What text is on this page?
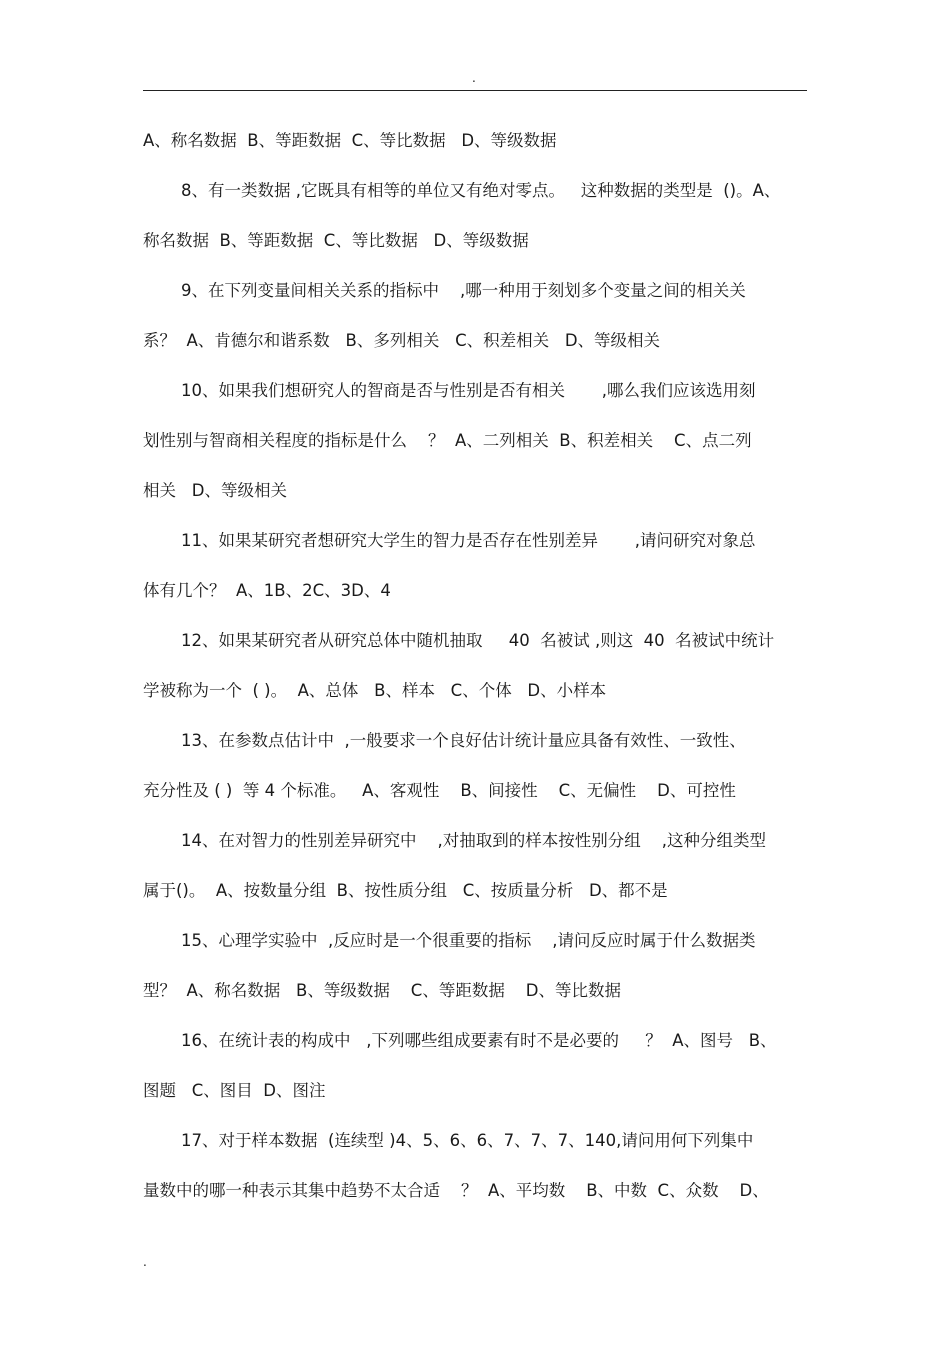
.
A、称名数据  B、等距数据  C、等比数据   D、等级数据
8、有一类数据 ,它既具有相等的单位又有绝对零点。   这种数据的类型是  ()。A、
称名数据  B、等距数据  C、等比数据   D、等级数据
9、在下列变量间相关关系的指标中    ,哪一种用于刻划多个变量之间的相关关
系？  A、肯德尔和谐系数   B、多列相关   C、积差相关   D、等级相关
10、如果我们想研究人的智商是否与性别是否有相关       ,哪么我们应该选用刻
划性别与智商相关程度的指标是什么    ？  A、二列相关  B、积差相关    C、点二列
相关   D、等级相关
11、如果某研究者想研究大学生的智力是否存在性别差异       ,请问研究对象总
体有几个？  A、1B、2C、3D、4
12、如果某研究者从研究总体中随机抽取     40  名被试 ,则这  40  名被试中统计
学被称为一个  ( )。  A、总体   B、样本   C、个体   D、小样本
13、在参数点估计中  ,一般要求一个良好估计统计量应具备有效性、一致性、
充分性及 ( )  等 4 个标准。   A、客观性    B、间接性    C、无偏性    D、可控性
14、在对智力的性别差异研究中    ,对抽取到的样本按性别分组    ,这种分组类型
属于()。  A、按数量分组  B、按性质分组   C、按质量分析   D、都不是
15、心理学实验中  ,反应时是一个很重要的指标    ,请问反应时属于什么数据类
型？  A、称名数据   B、等级数据    C、等距数据    D、等比数据
16、在统计表的构成中   ,下列哪些组成要素有时不是必要的     ？  A、图号   B、
图题   C、图目  D、图注
17、对于样本数据  (连续型 )4、5、6、6、7、7、7、140,请问用何下列集中
量数中的哪一种表示其集中趋势不太合适    ？  A、平均数    B、中数  C、众数    D、
.
